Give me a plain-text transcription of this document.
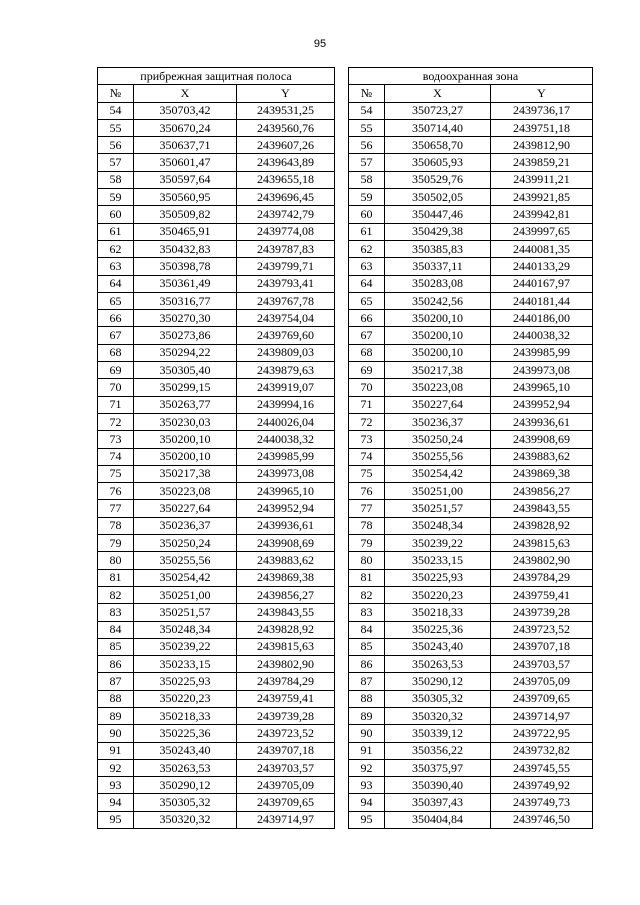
95
прибрежная защитная полоса				водоохранная зона		
№	X	Y		№	X	Y
54	350703,42	2439531,25		54	350723,27	2439736,17
55	350670,24	2439560,76		55	350714,40	2439751,18
56	350637,71	2439607,26		56	350658,70	2439812,90
57	350601,47	2439643,89		57	350605,93	2439859,21
58	350597,64	2439655,18		58	350529,76	2439911,21
59	350560,95	2439696,45		59	350502,05	2439921,85
60	350509,82	2439742,79		60	350447,46	2439942,81
61	350465,91	2439774,08		61	350429,38	2439997,65
62	350432,83	2439787,83		62	350385,83	2440081,35
63	350398,78	2439799,71		63	350337,11	2440133,29
64	350361,49	2439793,41		64	350283,08	2440167,97
65	350316,77	2439767,78		65	350242,56	2440181,44
66	350270,30	2439754,04		66	350200,10	2440186,00
67	350273,86	2439769,60		67	350200,10	2440038,32
68	350294,22	2439809,03		68	350200,10	2439985,99
69	350305,40	2439879,63		69	350217,38	2439973,08
70	350299,15	2439919,07		70	350223,08	2439965,10
71	350263,77	2439994,16		71	350227,64	2439952,94
72	350230,03	2440026,04		72	350236,37	2439936,61
73	350200,10	2440038,32		73	350250,24	2439908,69
74	350200,10	2439985,99		74	350255,56	2439883,62
75	350217,38	2439973,08		75	350254,42	2439869,38
76	350223,08	2439965,10		76	350251,00	2439856,27
77	350227,64	2439952,94		77	350251,57	2439843,55
78	350236,37	2439936,61		78	350248,34	2439828,92
79	350250,24	2439908,69		79	350239,22	2439815,63
80	350255,56	2439883,62		80	350233,15	2439802,90
81	350254,42	2439869,38		81	350225,93	2439784,29
82	350251,00	2439856,27		82	350220,23	2439759,41
83	350251,57	2439843,55		83	350218,33	2439739,28
84	350248,34	2439828,92		84	350225,36	2439723,52
85	350239,22	2439815,63		85	350243,40	2439707,18
86	350233,15	2439802,90		86	350263,53	2439703,57
87	350225,93	2439784,29		87	350290,12	2439705,09
88	350220,23	2439759,41		88	350305,32	2439709,65
89	350218,33	2439739,28		89	350320,32	2439714,97
90	350225,36	2439723,52		90	350339,12	2439722,95
91	350243,40	2439707,18		91	350356,22	2439732,82
92	350263,53	2439703,57		92	350375,97	2439745,55
93	350290,12	2439705,09		93	350390,40	2439749,92
94	350305,32	2439709,65		94	350397,43	2439749,73
95	350320,32	2439714,97		95	350404,84	2439746,50
